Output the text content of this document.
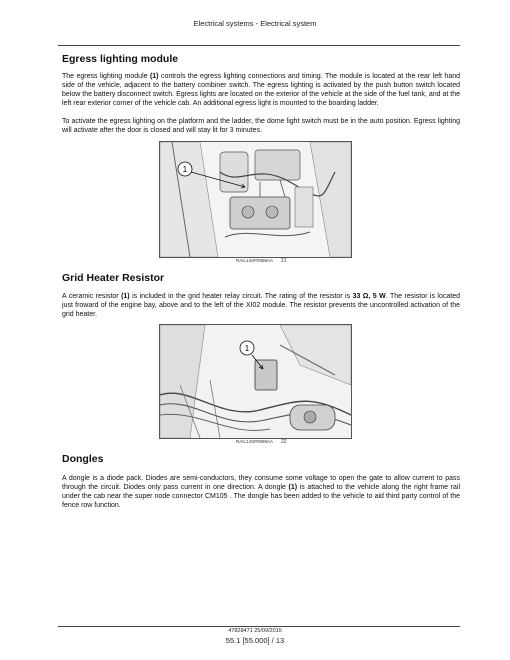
Electrical systems - Electrical system
Egress lighting module

The egress lighting module (1) controls the egress lighting connections and timing. The module is located at the rear left hand side of the vehicle, adjacent to the battery combiner switch. The egress lighting is activated by the push button switch located below the battery disconnect switch. Egress lights are located on the exterior of the vehicle at the side of the fuel tank, and at the left rear exterior corner of the vehicle cab. An additional egress light is mounted to the boarding ladder.

To activate the egress lighting on the platform and the ladder, the dome light switch must be in the auto position. Egress lighting will activate after the door is closed and will stay lit for 3 minutes.

1
RAIL14SP0088AA 21
Grid Heater Resistor

A ceramic resistor (1) is included in the grid heater relay circuit. The rating of the resistor is 33 Ω, 5 W. The resistor is located just froward of the engine bay, above and to the left of the XI02 module. The resistor prevents the uncontrolled activation of the grid heater.

1
RAIL14SP0089AA 22
Dongles

A dongle is a diode pack. Diodes are semi-conductors, they consume some voltage to open the gate to allow current to pass through the circuit. Diodes only pass current in one direction. A dongle (1) is attached to the vehicle along the right frame rail under the cab near the super node connector CM105 . The dongle has been added to the vehicle to aid third party control of the fence row function.

47828471 25/09/2015
55.1 [55.000] / 13
